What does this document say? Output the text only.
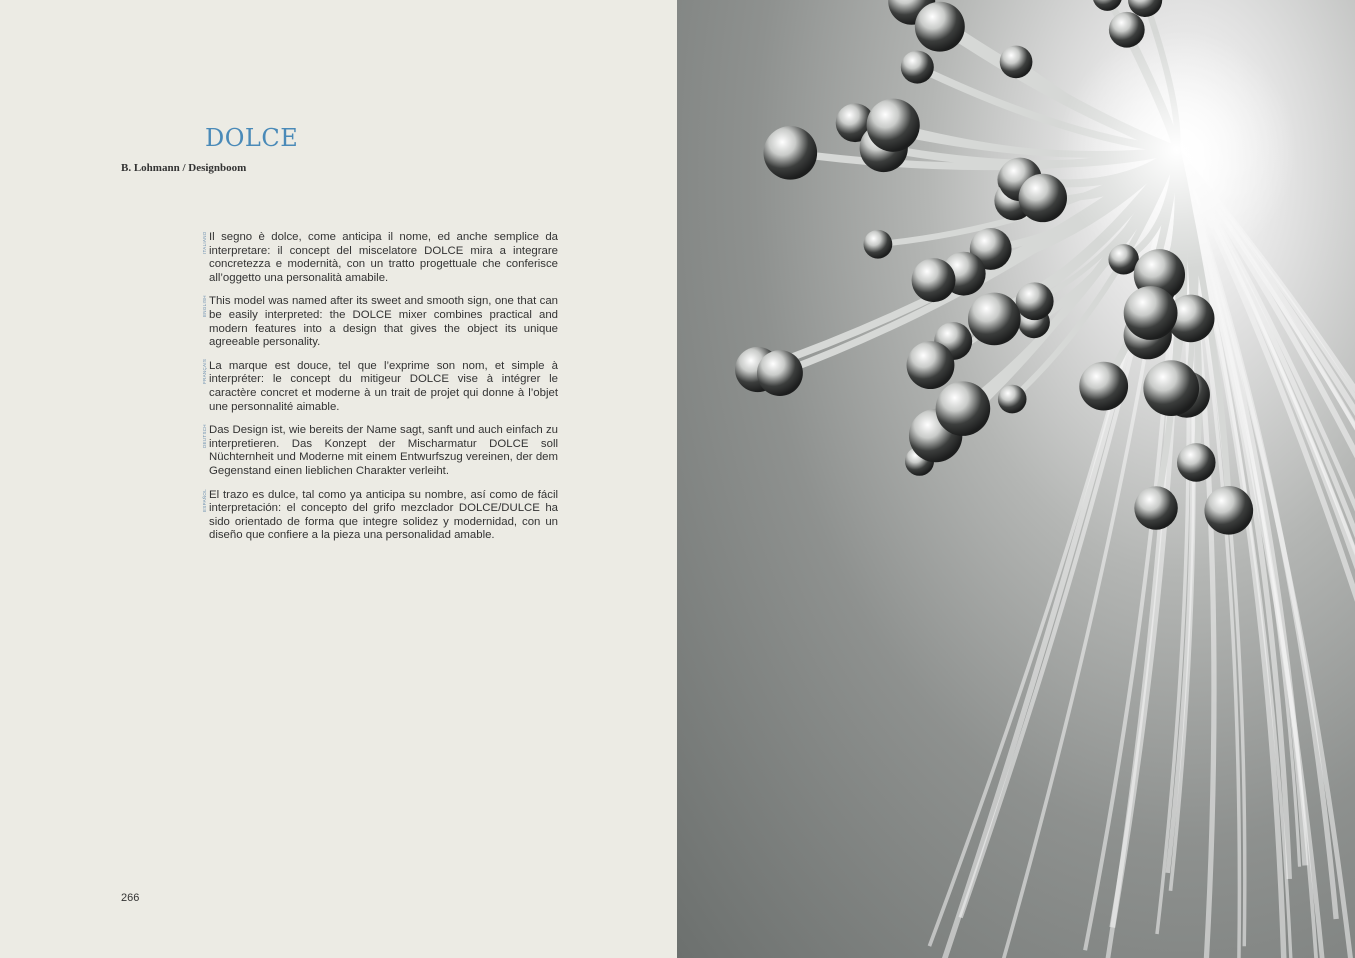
DOLCE
B. Lohmann / Designboom
ITALIANO Il segno è dolce, come anticipa il nome, ed anche semplice da interpretare: il concept del miscelatore DOLCE mira a integrare concretezza e modernità, con un tratto progettuale che conferisce all’oggetto una personalità amabile.
ENGLISH This model was named after its sweet and smooth sign, one that can be easily interpreted: the DOLCE mixer combines practical and modern features into a design that gives the object its unique agreeable personality.
FRANÇAIS La marque est douce, tel que l’exprime son nom, et simple à interpréter: le concept du mitigeur DOLCE vise à intégrer le caractère concret et moderne à un trait de projet qui donne à l’objet une personnalité aimable.
DEUTSCH Das Design ist, wie bereits der Name sagt, sanft und auch einfach zu interpretieren. Das Konzept der Mischarmatur DOLCE soll Nüchternheit und Moderne mit einem Entwurfszug vereinen, der dem Gegenstand einen lieblichen Charakter verleiht.
ESPAÑOL El trazo es dulce, tal como ya anticipa su nombre, así como de fácil interpretación: el concepto del grifo mezclador DOLCE/DULCE ha sido orientado de forma que integre solidez y modernidad, con un diseño que confiere a la pieza una personalidad amable.
266
